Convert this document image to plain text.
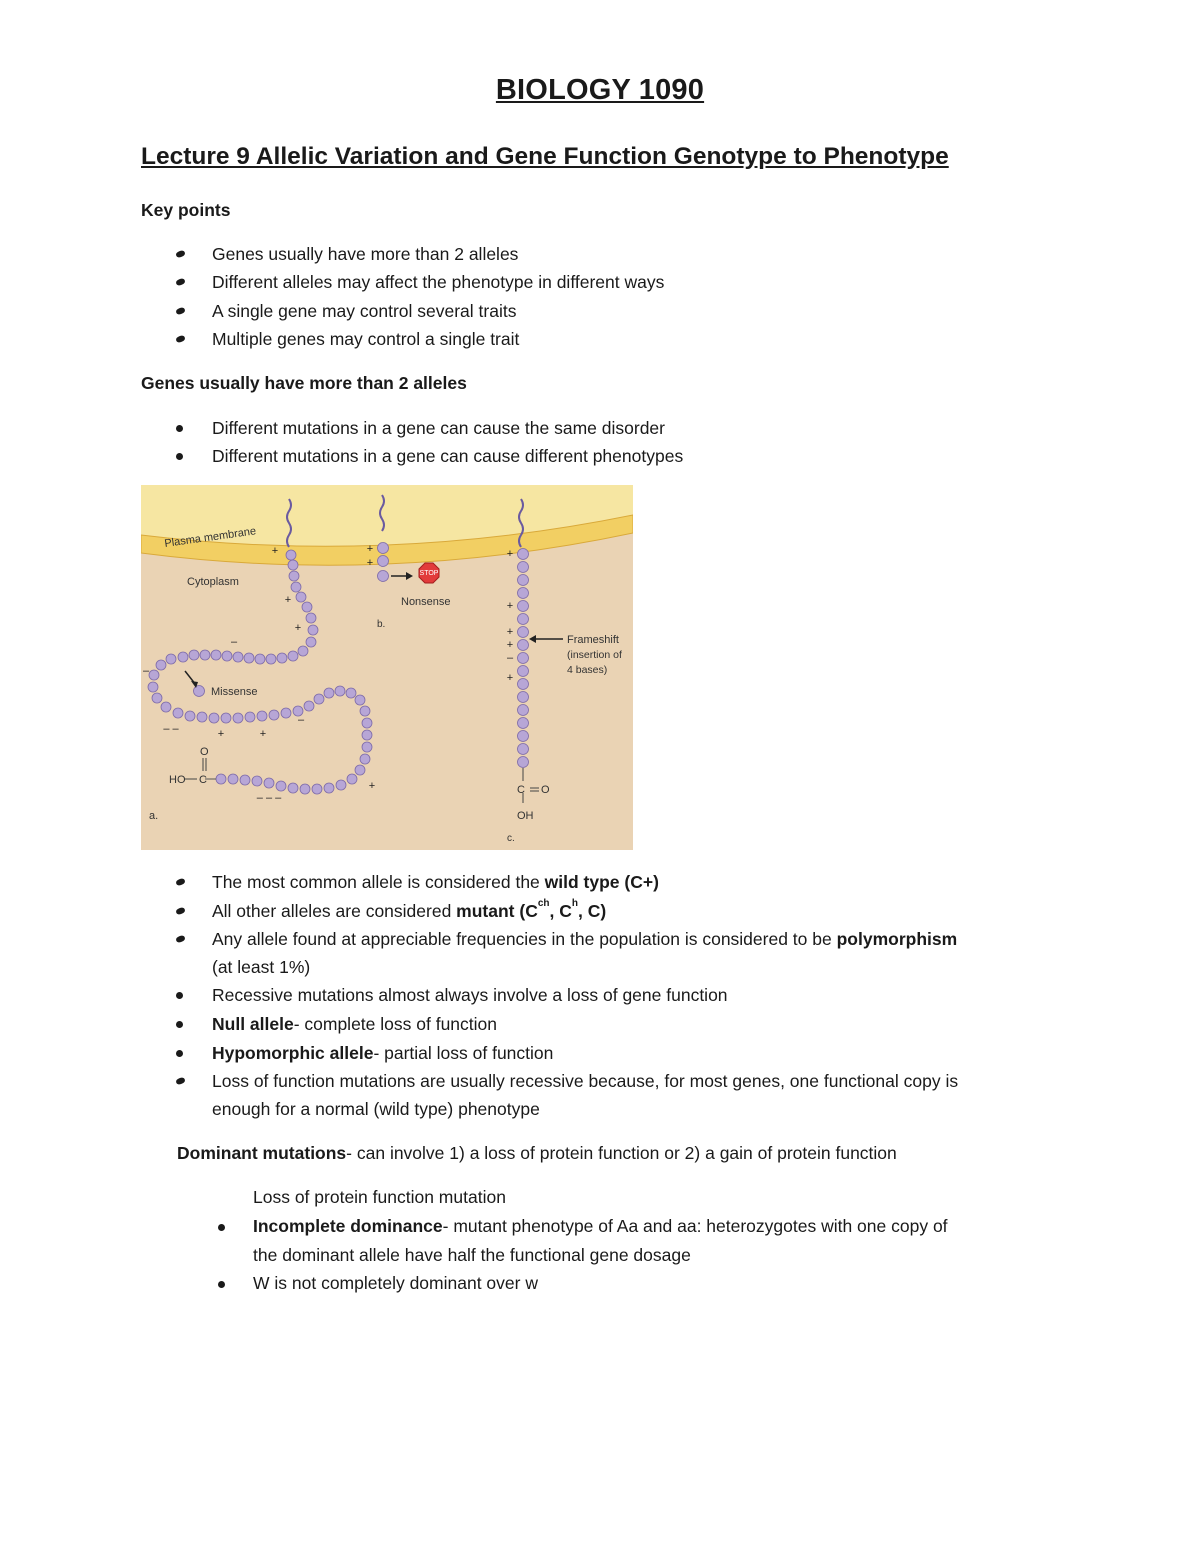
BIOLOGY 1090
Lecture 9 Allelic Variation and Gene Function Genotype to Phenotype
Key points
Genes usually have more than 2 alleles
Different alleles may affect the phenotype in different ways
A single gene may control several traits
Multiple genes may control a single trait
Genes usually have more than 2 alleles
Different mutations in a gene can cause the same disorder
Different mutations in a gene can cause different phenotypes
Plasma membrane
Cytoplasm
Missense
+
+
+
–
–
– –	+	+
–
+
– – –
O
HO C
a.
+
+
STOP
Nonsense
b.
+
+
+
+
–
+
C O
OH
c.
Frameshift
(insertion of
4 bases)
The most common allele is considered the wild type (C+)
All other alleles are considered mutant ($C^{ch}$, $C^h$, C)
Any allele found at appreciable frequencies in the population is considered to be polymorphism
(at least 1%)
Recessive mutations almost always involve a loss of gene function
Null allele- complete loss of function
Hypomorphic allele- partial loss of function
Loss of function mutations are usually recessive because, for most genes, one functional copy is
enough for a normal (wild type) phenotype
Dominant mutations- can involve 1) a loss of protein function or 2) a gain of protein function
Loss of protein function mutation
Incomplete dominance- mutant phenotype of Aa and aa: heterozygotes with one copy of
the dominant allele have half the functional gene dosage
W is not completely dominant over w
